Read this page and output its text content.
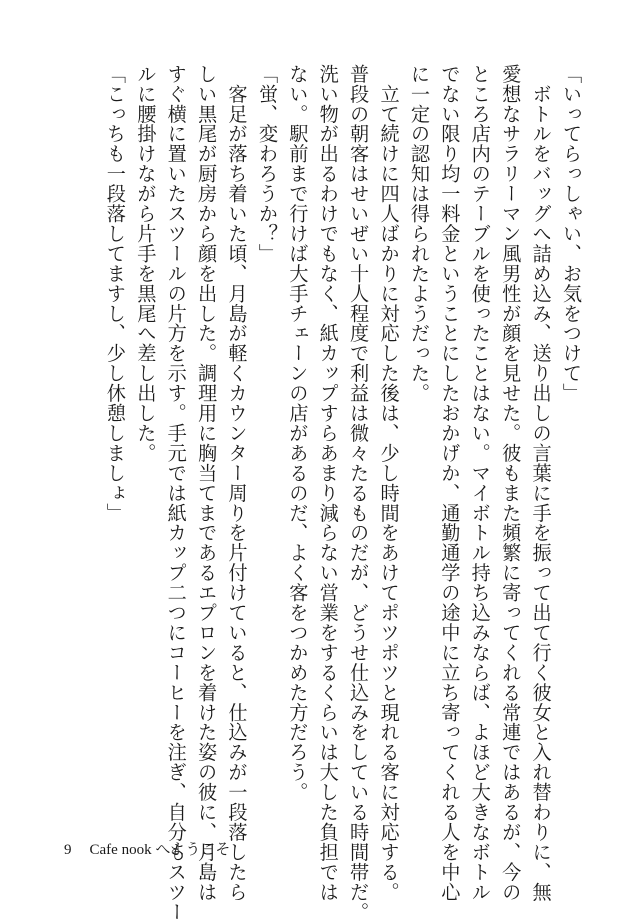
「いってらっしゃい、お気をつけて」
　ボトルをバッグへ詰め込み、送り出しの言葉に手を振って出て行く彼女と入れ替わりに、無
愛想なサラリーマン風男性が顔を見せた。彼もまた頻繁に寄ってくれる常連ではあるが、今の
ところ店内のテーブルを使ったことはない。マイボトル持ち込みならば、よほど大きなボトル
でない限り均一料金ということにしたおかげか、通勤通学の途中に立ち寄ってくれる人を中心
に一定の認知は得られたようだった。
　立て続けに四人ばかりに対応した後は、少し時間をあけてポツポツと現れる客に対応する。
普段の朝客はせいぜい十人程度で利益は微々たるものだが、どうせ仕込みをしている時間帯だ。
洗い物が出るわけでもなく、紙カップすらあまり減らない営業をするくらいは大した負担では
ない。駅前まで行けば大手チェーンの店があるのだ、よく客をつかめた方だろう。
「蛍、変わろうか？」
　客足が落ち着いた頃、月島が軽くカウンター周りを片付けていると、仕込みが一段落したら
しい黒尾が厨房から顔を出した。調理用に胸当てまであるエプロンを着けた姿の彼に、月島は
すぐ横に置いたスツールの片方を示す。手元では紙カップ二つにコーヒーを注ぎ、自分もスツー
ルに腰掛けながら片手を黒尾へ差し出した。
「こっちも一段落してますし、少し休憩しましょ」
9 Cafe nook へようこそ
